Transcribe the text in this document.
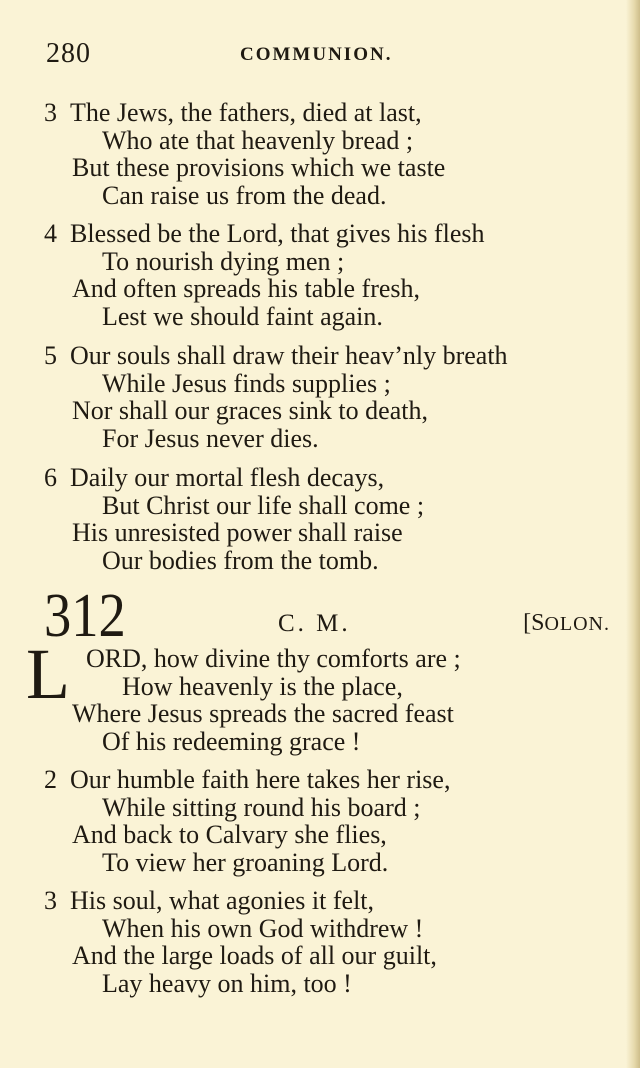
280	COMMUNION.
3 The Jews, the fathers, died at last,
Who ate that heavenly bread ;
But these provisions which we taste
Can raise us from the dead.
4 Blessed be the Lord, that gives his flesh
To nourish dying men ;
And often spreads his table fresh,
Lest we should faint again.
5 Our souls shall draw their heav’nly breath
While Jesus finds supplies ;
Nor shall our graces sink to death,
For Jesus never dies.
6 Daily our mortal flesh decays,
But Christ our life shall come ;
His unresisted power shall raise
Our bodies from the tomb.
312	C. M.	[SOLON.
L ORD, how divine thy comforts are ;
How heavenly is the place,
Where Jesus spreads the sacred feast
Of his redeeming grace !
2 Our humble faith here takes her rise,
While sitting round his board ;
And back to Calvary she flies,
To view her groaning Lord.
3 His soul, what agonies it felt,
When his own God withdrew !
And the large loads of all our guilt,
Lay heavy on him, too !
